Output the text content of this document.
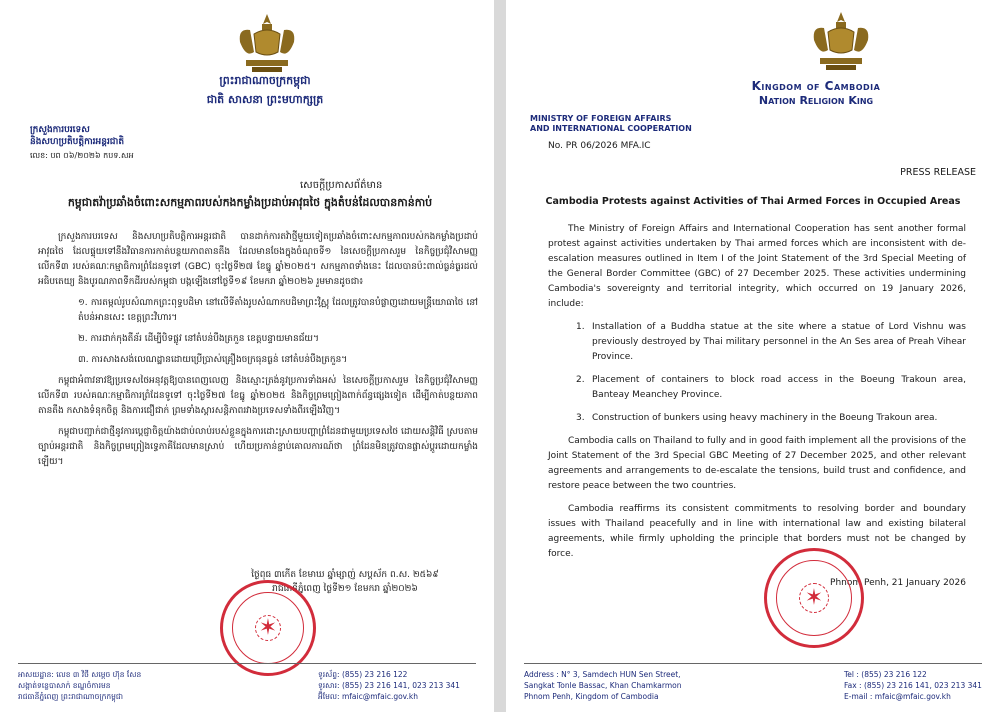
ព្រះរាជាណាចក្រកម្ពុជា
ជាតិ សាសនា ព្រះមហាក្សត្រ
ក្រសួងការបរទេស
និងសហប្រតិបត្តិការអន្តរជាតិ
លេខ: បព ០៦/២០២៦ កបទ.សអ
សេចក្តីប្រកាសព័ត៌មាន
កម្ពុជាតវ៉ាប្រឆាំងចំពោះសកម្មភាពរបស់កងកម្លាំងប្រដាប់អាវុធថៃ ក្នុងតំបន់ដែលបានកាន់កាប់

ក្រសួងការបរទេស និងសហប្រតិបត្តិការអន្តរជាតិ បានដាក់ការតវ៉ាថ្មីមួយទៀតប្រឆាំងចំពោះសកម្មភាពរបស់កងកម្លាំងប្រដាប់អាវុធថៃ ដែលផ្ទុយទៅនឹងវិធានការកាត់បន្ថយភាពតានតឹង ដែលមានចែងក្នុងចំណុចទី១ នៃសេចក្តីប្រកាសរួម នៃកិច្ចប្រជុំវិសាមញ្ញលើកទី៣ របស់គណៈកម្មាធិការព្រំដែនទូទៅ (GBC) ចុះថ្ងៃទី២៧ ខែធ្នូ ឆ្នាំ២០២៥។ សកម្មភាពទាំងនេះ ដែលបានប៉ះពាល់ធ្ងន់ធ្ងរដល់អធិបតេយ្យ និងបូរណភាពទឹកដីរបស់កម្ពុជា បង្កឡើងនៅថ្ងៃទី១៩ ខែមករា ឆ្នាំ២០២៦ រួមមានដូចជា៖

១. ការតម្កល់រូបសំណាកព្រះពុទ្ធបដិមា នៅលើទីតាំងរូបសំណាកបដិមាព្រះវិស្ណុ ដែលត្រូវបានបំផ្លាញដោយមន្ត្រីយោធាថៃ នៅតំបន់អានសេះ ខេត្តព្រះវិហារ។

២. ការដាក់កុងតឺន័រ ដើម្បីបិទផ្លូវ នៅតំបន់បឹងត្រកួន ខេត្តបន្ទាយមានជ័យ។

៣. ការសាងសង់លេណដ្ឋានដោយប្រើប្រាស់គ្រឿងចក្រធុនធ្ងន់ នៅតំបន់បឹងត្រកួន។

កម្ពុជាអំពាវនាវឱ្យប្រទេសថៃអនុវត្តឱ្យបានពេញលេញ និងស្មោះត្រង់នូវប្រការទាំងអស់ នៃសេចក្តីប្រកាសរួម នៃកិច្ចប្រជុំវិសាមញ្ញលើកទី៣ របស់គណៈកម្មាធិការព្រំដែនទូទៅ ចុះថ្ងៃទី២៧ ខែធ្នូ ឆ្នាំ២០២៥ និងកិច្ចព្រមព្រៀងពាក់ព័ន្ធផ្សេងទៀត ដើម្បីកាត់បន្ថយភាពតានតឹង កសាងទំនុកចិត្ត និងការជឿជាក់ ព្រមទាំងស្តារសន្តិភាពរវាងប្រទេសទាំងពីរឡើងវិញ។

កម្ពុជាបញ្ជាក់ជាថ្មីនូវការប្តេជ្ញាចិត្តយ៉ាងជាប់លាប់របស់ខ្លួនក្នុងការដោះស្រាយបញ្ហាព្រំដែនជាមួយប្រទេសថៃ ដោយសន្តិវិធី ស្របតាមច្បាប់អន្តរជាតិ និងកិច្ចព្រមព្រៀងទ្វេភាគីដែលមានស្រាប់ ហើយប្រកាន់ខ្ជាប់គោលការណ៍ថា ព្រំដែនមិនត្រូវបានផ្លាស់ប្តូរដោយកម្លាំងឡើយ។

ថ្ងៃពុធ ៣កើត ខែមាឃ ឆ្នាំម្សាញ់ សប្តស័ក ព.ស. ២៥៦៩
រាជធានីភ្នំពេញ ថ្ងៃទី២១ ខែមករា ឆ្នាំ២០២៦
✶
អាសយដ្ឋាន: លេខ ៣ វិថី សម្តេច ហ៊ុន សែន
សង្កាត់ទន្លេបាសាក់ ខណ្ឌចំការមន
រាជធានីភ្នំពេញ ព្រះរាជាណាចក្រកម្ពុជា
ទូរស័ព្ទ: (855) 23 216 122
ទូរសារ: (855) 23 216 141, 023 213 341
អ៊ីមែល: mfaic@mfaic.gov.kh
Kingdom of Cambodia
Nation Religion King
MINISTRY OF FOREIGN AFFAIRS
AND INTERNATIONAL COOPERATION
No. PR 06/2026 MFA.IC
PRESS RELEASE
Cambodia Protests against Activities of Thai Armed Forces in Occupied Areas

The Ministry of Foreign Affairs and International Cooperation has sent another formal protest against activities undertaken by Thai armed forces which are inconsistent with de-escalation measures outlined in Item I of the Joint Statement of the 3rd Special Meeting of the General Border Committee (GBC) of 27 December 2025. These activities undermining Cambodia's sovereignty and territorial integrity, which occurred on 19 January 2026, include:

1. Installation of a Buddha statue at the site where a statue of Lord Vishnu was previously destroyed by Thai military personnel in the An Ses area of Preah Vihear Province.
2. Placement of containers to block road access in the Boeung Trakoun area, Banteay Meanchey Province.
3. Construction of bunkers using heavy machinery in the Boeung Trakoun area.

Cambodia calls on Thailand to fully and in good faith implement all the provisions of the Joint Statement of the 3rd Special GBC Meeting of 27 December 2025, and other relevant agreements and arrangements to de-escalate the tensions, build trust and confidence, and restore peace between the two countries.

Cambodia reaffirms its consistent commitments to resolving border and boundary issues with Thailand peacefully and in line with international law and existing bilateral agreements, while firmly upholding the principle that borders must not be changed by force.

Phnom Penh, 21 January 2026
✶
Address : N° 3, Samdech HUN Sen Street,
Sangkat Tonle Bassac, Khan Chamkarmon
Phnom Penh, Kingdom of Cambodia
Tel : (855) 23 216 122
Fax : (855) 23 216 141, 023 213 341
E-mail : mfaic@mfaic.gov.kh
